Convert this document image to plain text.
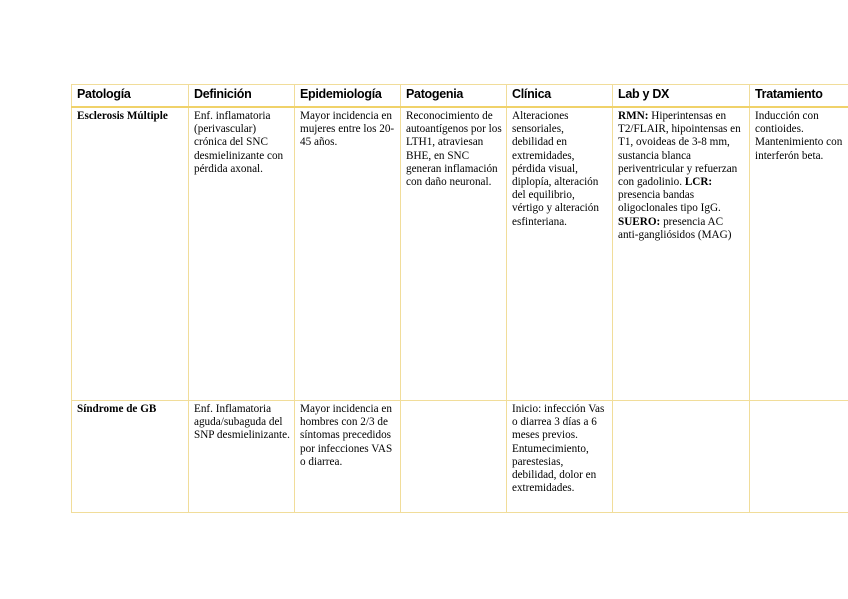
Patología	Definición	Epidemiología	Patogenia	Clínica	Lab y DX	Tratamiento
Esclerosis Múltiple	Enf. inflamatoria (perivascular) crónica del SNC desmielinizante con pérdida axonal.	Mayor incidencia en mujeres entre los 20-45 años.	Reconocimiento de autoantígenos por los LTH1, atraviesan BHE, en SNC generan inflamación con daño neuronal.	Alteraciones sensoriales, debilidad en extremidades, pérdida visual, diplopía, alteración del equilibrio, vértigo y alteración esfinteriana.	RMN: Hiperintensas en T2/FLAIR, hipointensas en T1, ovoideas de 3-8 mm, sustancia blanca periventricular y refuerzan con gadolinio. LCR: presencia bandas oligoclonales tipo IgG. SUERO: presencia AC anti-gangliósidos (MAG)	Inducción con contioides. Mantenimiento con interferón beta.
Síndrome de GB	Enf. Inflamatoria aguda/subaguda del SNP desmielinizante.	Mayor incidencia en hombres con 2/3 de síntomas precedidos por infecciones VAS o diarrea.		Inicio: infección Vas o diarrea 3 días a 6 meses previos. Entumecimiento, parestesias, debilidad, dolor en extremidades.		
